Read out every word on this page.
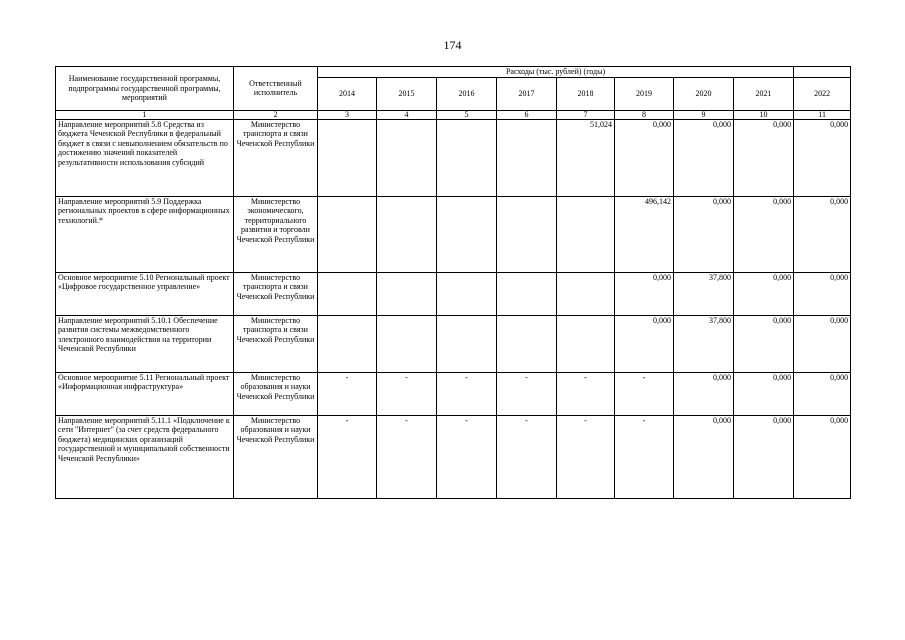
174
Наименование государственной программы, подпрограммы государственной программы, мероприятий	Ответственный исполнитель	Расходы (тыс. рублей) (годы)								
		2014	2015	2016	2017	2018	2019	2020	2021	2022
1	2	3	4	5	6	7	8	9	10	11
Направление мероприятий 5.8 Средства из бюджета Чеченской Республики в федеральный бюджет в связи с невыполнением обязательств по достижению значений показателей результативности использования субсидий	Министерство транспорта и связи Чеченской Республики					51,024	0,000	0,000	0,000	0,000
Направление мероприятий 5.9 Поддержка региональных проектов в сфере информационных технологий.*	Министерство экономического, территориального развития и торговли Чеченской Республики						496,142	0,000	0,000	0,000
Основное мероприятие 5.10 Региональный проект «Цифровое государственное управление»	Министерство транспорта и связи Чеченской Республики						0,000	37,800	0,000	0,000
Направление мероприятий 5.10.1 Обеспечение развития системы межведомственного электронного взаимодействия на территории Чеченской Республики	Министерство транспорта и связи Чеченской Республики						0,000	37,800	0,000	0,000
Основное мероприятие 5.11 Региональный проект «Информационная инфраструктура»	Министерство образования и науки Чеченской Республики	-	-	-	-	-	-	0,000	0,000	0,000
Направление мероприятий 5.11.1 «Подключение к сети "Интернет" (за счет средств федерального бюджета) медицинских организаций государственной и муниципальной собственности Чеченской Республики»	Министерство образования и науки Чеченской Республики	-	-	-	-	-	-	0,000	0,000	0,000
